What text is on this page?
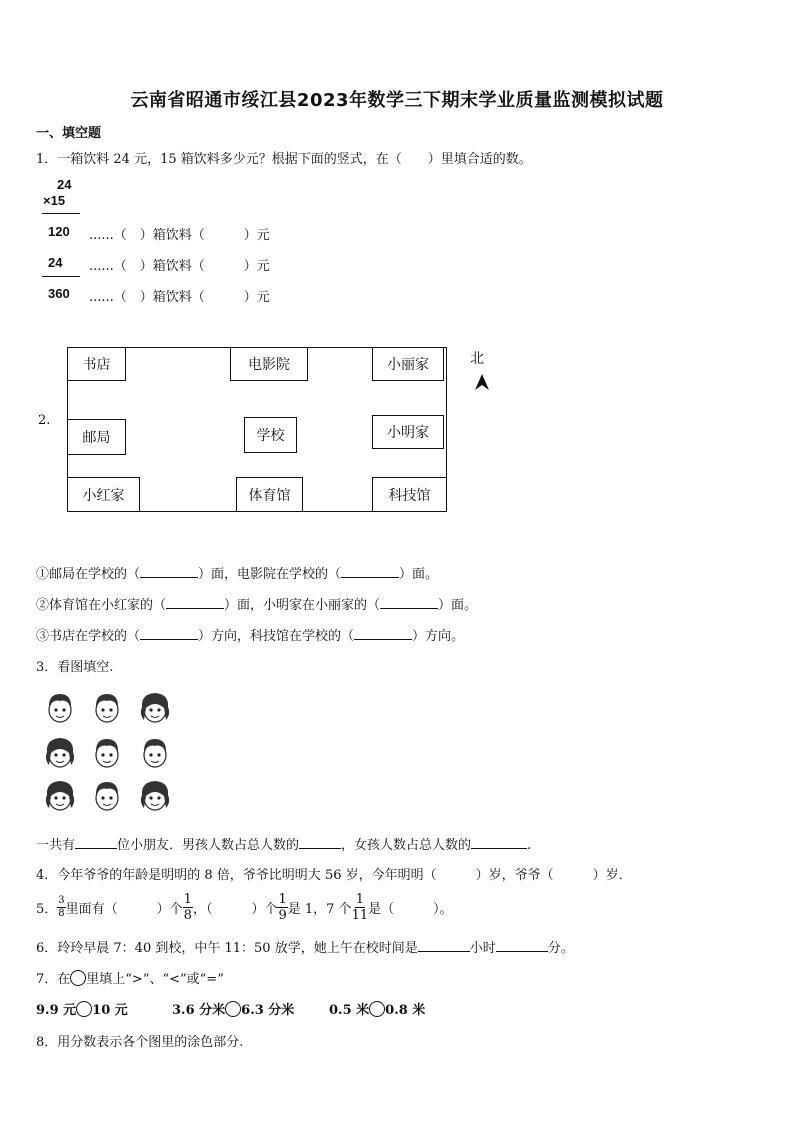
云南省昭通市绥江县2023年数学三下期末学业质量监测模拟试题
一、填空题
1．一箱饮料 24 元，15 箱饮料多少元？根据下面的竖式，在（　　）里填合适的数。
24
×15
120 ......（　）箱饮料（　　　）元
24 ......（　）箱饮料（　　　）元
360 ......（　）箱饮料（　　　）元
2.
书店	电影院	小丽家
邮局	学校	小明家
小红家	体育馆	科技馆
北
①邮局在学校的（	）面，电影院在学校的（	）面。
②体育馆在小红家的（	）面，小明家在小丽家的（	）面。
③书店在学校的（	）方向，科技馆在学校的（	）方向。
3．看图填空.
一共有	位小朋友．男孩人数占总人数的	，女孩人数占总人数的	.
4．今年爷爷的年龄是明明的 8 倍，爷爷比明明大 56 岁，今年明明（　　　）岁，爷爷（　　　）岁．
5． $\frac{3}{8}$ 里面有（　　　）个 $\frac{1}{8}$ ，（　　　）个 $\frac{1}{9}$ 是 1，7 个 $\frac{1}{11}$ 是（　　　）。
6．玲玲早晨 7：40 到校，中午 11：50 放学，她上午在校时间是	小时	分。
7．在 里填上“>”、“<”或“=”
9.9 元 10 元	3.6 分米 6.3 分米	0.5 米 0.8 米
8．用分数表示各个图里的涂色部分.
